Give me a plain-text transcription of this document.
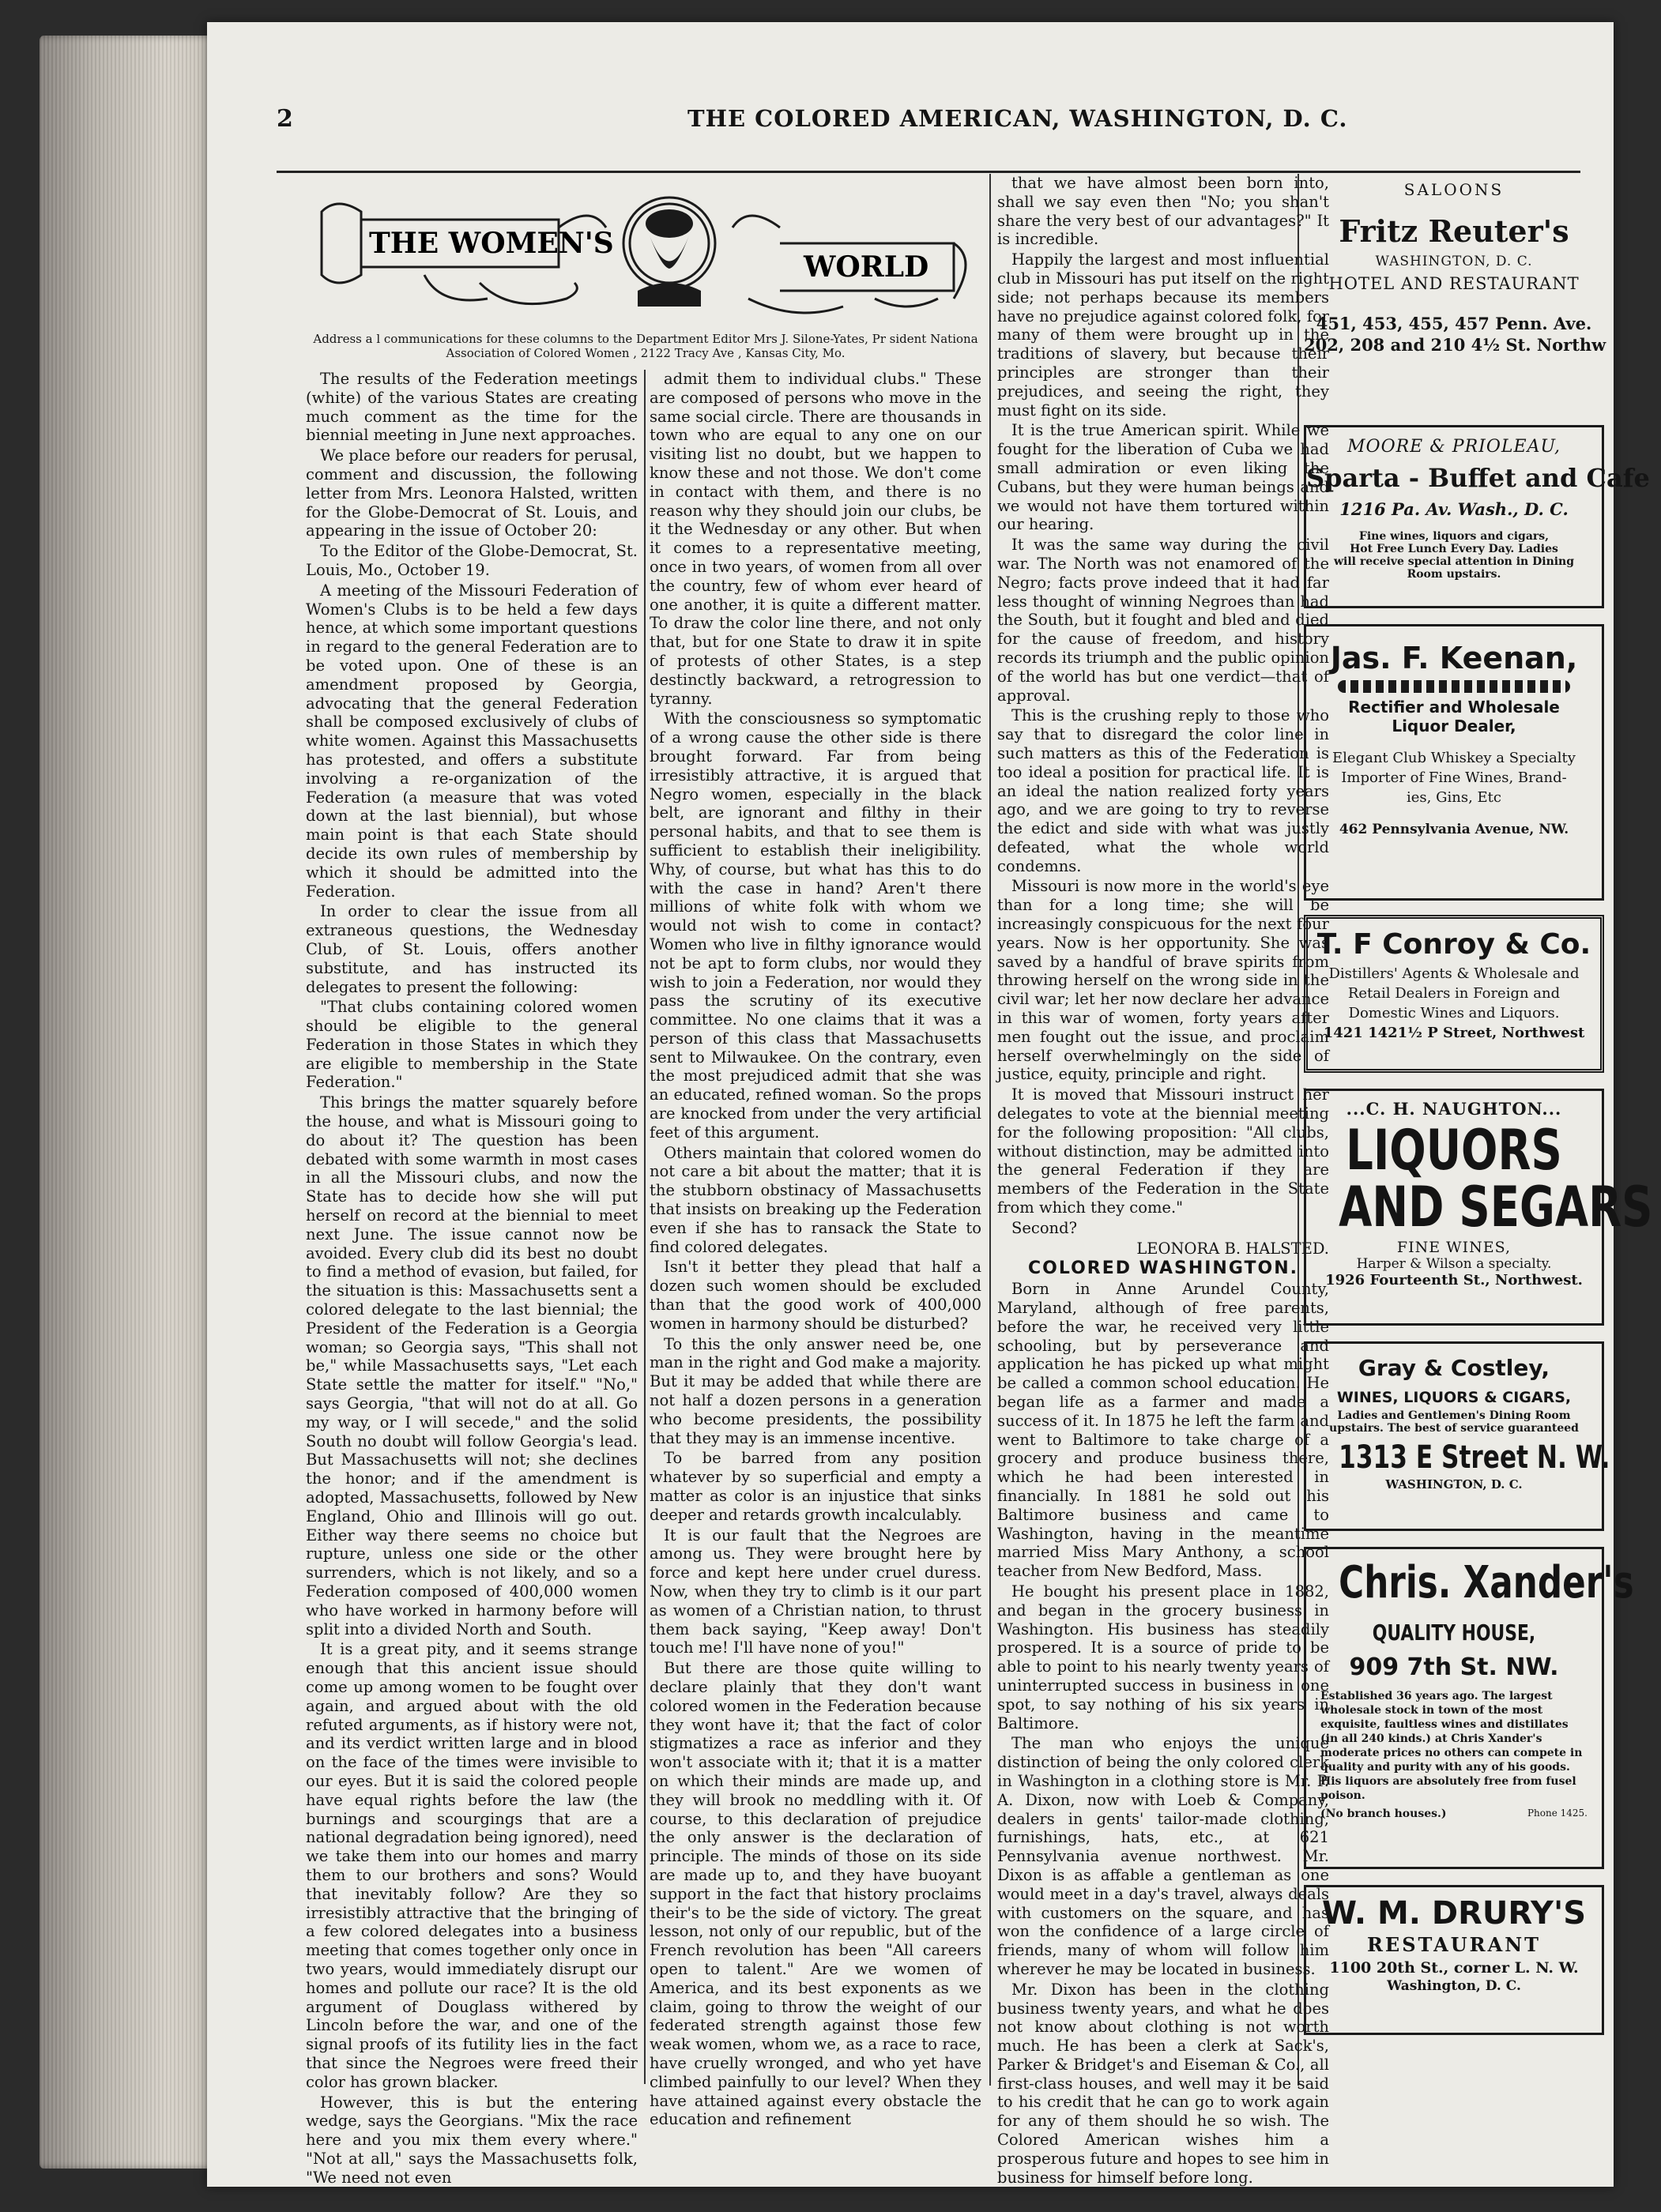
2	THE COLORED AMERICAN, WASHINGTON, D. C.
THE WOMEN'S
WORLD
Address a l communications for these columns to the Department Editor Mrs J. Silone-Yates, Pr sident Nationa Association of Colored Women , 2122 Tracy Ave , Kansas City, Mo.

The results of the Federation meetings (white) of the various States are creating much comment as the time for the biennial meeting in June next approaches.

We place before our readers for perusal, comment and discussion, the following letter from Mrs. Leonora Halsted, written for the Globe-Democrat of St. Louis, and appearing in the issue of October 20:

To the Editor of the Globe-Democrat, St. Louis, Mo., October 19.

A meeting of the Missouri Federation of Women's Clubs is to be held a few days hence, at which some important questions in regard to the general Federation are to be voted upon. One of these is an amendment proposed by Georgia, advocating that the general Federation shall be composed exclusively of clubs of white women. Against this Massachusetts has protested, and offers a substitute involving a re-organization of the Federation (a measure that was voted down at the last biennial), but whose main point is that each State should decide its own rules of membership by which it should be admitted into the Federation.

In order to clear the issue from all extraneous questions, the Wednesday Club, of St. Louis, offers another substitute, and has instructed its delegates to present the following:

"That clubs containing colored women should be eligible to the general Federation in those States in which they are eligible to membership in the State Federation."

This brings the matter squarely before the house, and what is Missouri going to do about it? The question has been debated with some warmth in most cases in all the Missouri clubs, and now the State has to decide how she will put herself on record at the biennial to meet next June. The issue cannot now be avoided. Every club did its best no doubt to find a method of evasion, but failed, for the situation is this: Massachusetts sent a colored delegate to the last biennial; the President of the Federation is a Georgia woman; so Georgia says, "This shall not be," while Massachusetts says, "Let each State settle the matter for itself." "No," says Georgia, "that will not do at all. Go my way, or I will secede," and the solid South no doubt will follow Georgia's lead. But Massachusetts will not; she declines the honor; and if the amendment is adopted, Massachusetts, followed by New England, Ohio and Illinois will go out. Either way there seems no choice but rupture, unless one side or the other surrenders, which is not likely, and so a Federation composed of 400,000 women who have worked in harmony before will split into a divided North and South.

It is a great pity, and it seems strange enough that this ancient issue should come up among women to be fought over again, and argued about with the old refuted arguments, as if history were not, and its verdict written large and in blood on the face of the times were invisible to our eyes. But it is said the colored people have equal rights before the law (the burnings and scourgings that are a national degradation being ignored), need we take them into our homes and marry them to our brothers and sons? Would that inevitably follow? Are they so irresistibly attractive that the bringing of a few colored delegates into a business meeting that comes together only once in two years, would immediately disrupt our homes and pollute our race? It is the old argument of Douglass withered by Lincoln before the war, and one of the signal proofs of its futility lies in the fact that since the Negroes were freed their color has grown blacker.

However, this is but the entering wedge, says the Georgians. "Mix the race here and you mix them every where." "Not at all," says the Massachusetts folk, "We need not even

admit them to individual clubs." These are composed of persons who move in the same social circle. There are thousands in town who are equal to any one on our visiting list no doubt, but we happen to know these and not those. We don't come in contact with them, and there is no reason why they should join our clubs, be it the Wednesday or any other. But when it comes to a representative meeting, once in two years, of women from all over the country, few of whom ever heard of one another, it is quite a different matter. To draw the color line there, and not only that, but for one State to draw it in spite of protests of other States, is a step destinctly backward, a retrogression to tyranny.

With the consciousness so symptomatic of a wrong cause the other side is there brought forward. Far from being irresistibly attractive, it is argued that Negro women, especially in the black belt, are ignorant and filthy in their personal habits, and that to see them is sufficient to establish their ineligibility. Why, of course, but what has this to do with the case in hand? Aren't there millions of white folk with whom we would not wish to come in contact? Women who live in filthy ignorance would not be apt to form clubs, nor would they wish to join a Federation, nor would they pass the scrutiny of its executive committee. No one claims that it was a person of this class that Massachusetts sent to Milwaukee. On the contrary, even the most prejudiced admit that she was an educated, refined woman. So the props are knocked from under the very artificial feet of this argument.

Others maintain that colored women do not care a bit about the matter; that it is the stubborn obstinacy of Massachusetts that insists on breaking up the Federation even if she has to ransack the State to find colored delegates.

Isn't it better they plead that half a dozen such women should be excluded than that the good work of 400,000 women in harmony should be disturbed?

To this the only answer need be, one man in the right and God make a majority. But it may be added that while there are not half a dozen persons in a generation who become presidents, the possibility that they may is an immense incentive.

To be barred from any position whatever by so superficial and empty a matter as color is an injustice that sinks deeper and retards growth incalculably.

It is our fault that the Negroes are among us. They were brought here by force and kept here under cruel duress. Now, when they try to climb is it our part as women of a Christian nation, to thrust them back saying, "Keep away! Don't touch me! I'll have none of you!"

But there are those quite willing to declare plainly that they don't want colored women in the Federation because they wont have it; that the fact of color stigmatizes a race as inferior and they won't associate with it; that it is a matter on which their minds are made up, and they will brook no meddling with it. Of course, to this declaration of prejudice the only answer is the declaration of principle. The minds of those on its side are made up to, and they have buoyant support in the fact that history proclaims their's to be the side of victory. The great lesson, not only of our republic, but of the French revolution has been "All careers open to talent." Are we women of America, and its best exponents as we claim, going to throw the weight of our federated strength against those few weak women, whom we, as a race to race, have cruelly wronged, and who yet have climbed painfully to our level? When they have attained against every obstacle the education and refinement

that we have almost been born into, shall we say even then "No; you shan't share the very best of our advantages?" It is incredible.

Happily the largest and most influential club in Missouri has put itself on the right side; not perhaps because its members have no prejudice against colored folk, for many of them were brought up in the traditions of slavery, but because their principles are stronger than their prejudices, and seeing the right, they must fight on its side.

It is the true American spirit. While we fought for the liberation of Cuba we had small admiration or even liking the Cubans, but they were human beings and we would not have them tortured within our hearing.

It was the same way during the civil war. The North was not enamored of the Negro; facts prove indeed that it had far less thought of winning Negroes than had the South, but it fought and bled and died for the cause of freedom, and history records its triumph and the public opinion of the world has but one verdict—that of approval.

This is the crushing reply to those who say that to disregard the color line in such matters as this of the Federation is too ideal a position for practical life. It is an ideal the nation realized forty years ago, and we are going to try to reverse the edict and side with what was justly defeated, what the whole world condemns.

Missouri is now more in the world's eye than for a long time; she will be increasingly conspicuous for the next four years. Now is her opportunity. She was saved by a handful of brave spirits from throwing herself on the wrong side in the civil war; let her now declare her advance in this war of women, forty years after men fought out the issue, and proclaim herself overwhelmingly on the side of justice, equity, principle and right.

It is moved that Missouri instruct her delegates to vote at the biennial meeting for the following proposition: "All clubs, without distinction, may be admitted into the general Federation if they are members of the Federation in the State from which they come."

Second?

LEONORA B. HALSTED.

COLORED WASHINGTON.

Born in Anne Arundel County, Maryland, although of free parents, before the war, he received very little schooling, but by perseverance and application he has picked up what might be called a common school education. He began life as a farmer and made a success of it. In 1875 he left the farm and went to Baltimore to take charge of a grocery and produce business there, which he had been interested in financially. In 1881 he sold out his Baltimore business and came to Washington, having in the meantime married Miss Mary Anthony, a school teacher from New Bedford, Mass.

He bought his present place in 1882, and began in the grocery business in Washington. His business has steadily prospered. It is a source of pride to be able to point to his nearly twenty years of uninterrupted success in business in one spot, to say nothing of his six years in Baltimore.

The man who enjoys the unique distinction of being the only colored clerk in Washington in a clothing store is Mr. P. A. Dixon, now with Loeb & Company, dealers in gents' tailor-made clothing, furnishings, hats, etc., at 621 Pennsylvania avenue northwest. Mr. Dixon is as affable a gentleman as one would meet in a day's travel, always deals with customers on the square, and has won the confidence of a large circle of friends, many of whom will follow him wherever he may be located in business.

Mr. Dixon has been in the clothing business twenty years, and what he does not know about clothing is not worth much. He has been a clerk at Sack's, Parker & Bridget's and Eiseman & Co., all first-class houses, and well may it be said to his credit that he can go to work again for any of them should he so wish. The Colored American wishes him a prosperous future and hopes to see him in business for himself before long.

SALOONS
Fritz Reuter's
WASHINGTON, D. C.
HOTEL AND RESTAURANT
451, 453, 455, 457 Penn. Ave.
202, 208 and 210 4½ St. Northw
MOORE & PRIOLEAU,
Sparta - Buffet and Cafe
1216 Pa. Av. Wash., D. C.
Fine wines, liquors and cigars,
Hot Free Lunch Every Day. Ladies
will receive special attention in Dining
Room upstairs.
Jas. F. Keenan,
Rectifier and Wholesale
Liquor Dealer,
Elegant Club Whiskey a Specialty
Importer of Fine Wines, Brand-
ies, Gins, Etc
462 Pennsylvania Avenue, NW.
T. F Conroy & Co.
Distillers' Agents & Wholesale and
Retail Dealers in Foreign and
Domestic Wines and Liquors.
1421 1421½ P Street, Northwest
...C. H. NAUGHTON...
LIQUORS
AND SEGARS
FINE WINES,
Harper & Wilson a specialty.
1926 Fourteenth St., Northwest.
Gray & Costley,
WINES, LIQUORS & CIGARS,
Ladies and Gentlemen's Dining Room
upstairs. The best of service guaranteed
1313 E Street N. W.
WASHINGTON, D. C.
Chris. Xander's
QUALITY HOUSE,
909 7th St. NW.
Established 36 years ago. The largest wholesale stock in town of the most exquisite, faultless wines and distillates (in all 240 kinds.) at Chris Xander's moderate prices no others can compete in quality and purity with any of his goods. His liquors are absolutely free from fusel poison.
(No branch houses.)	Phone 1425.
W. M. DRURY'S
RESTAURANT
1100 20th St., corner L. N. W.
Washington, D. C.
